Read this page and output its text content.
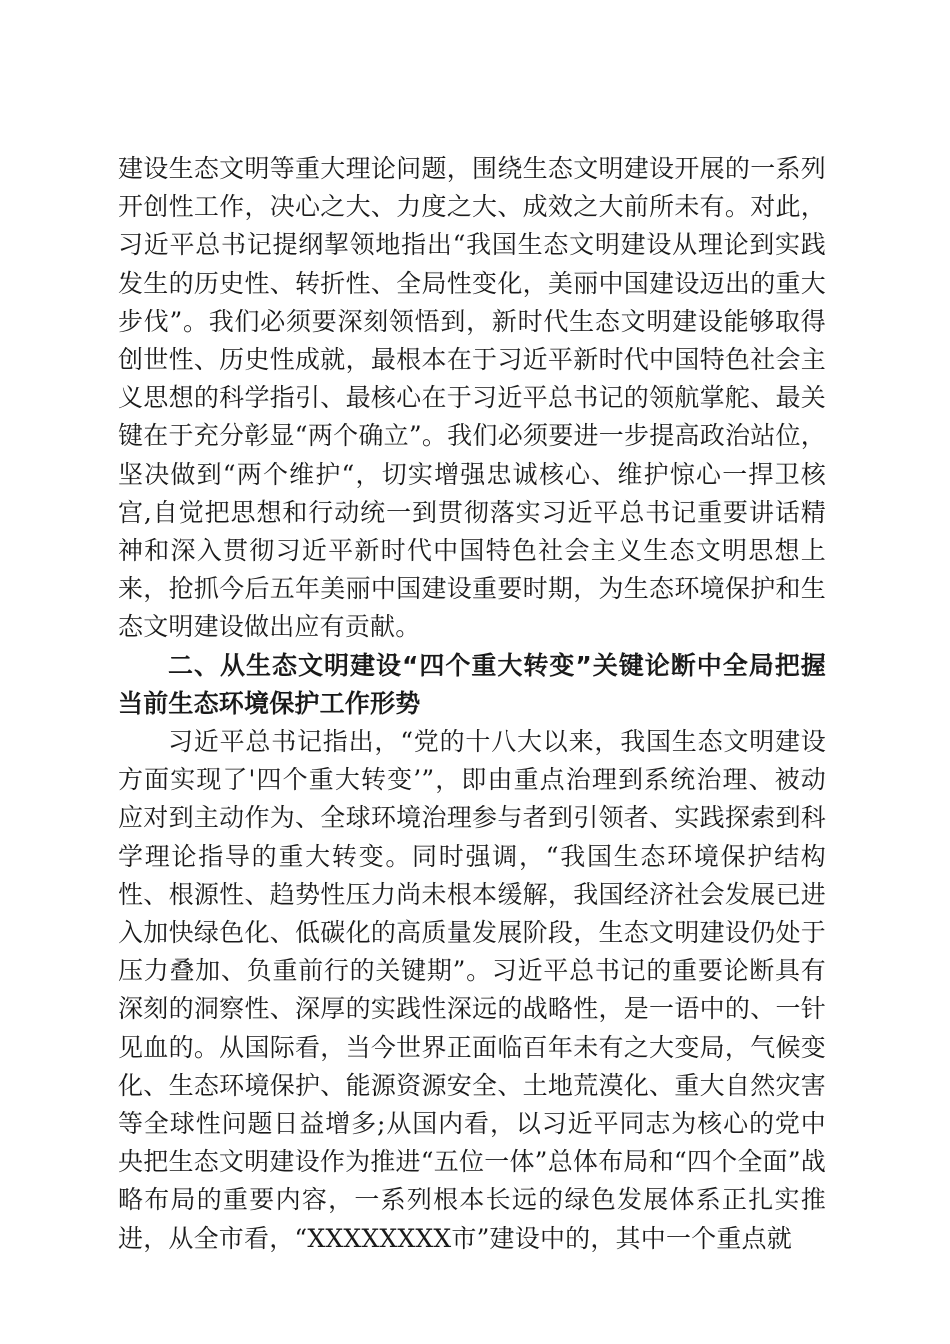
建设生态文明等重大理论问题，围绕生态文明建设开展的一系列开创性工作，决心之大、力度之大、成效之大前所未有。对此，习近平总书记提纲挈领地指出“我国生态文明建设从理论到实践发生的历史性、转折性、全局性变化，美丽中国建设迈出的重大步伐”。我们必须要深刻领悟到，新时代生态文明建设能够取得创世性、历史性成就，最根本在于习近平新时代中国特色社会主义思想的科学指引、最核心在于习近平总书记的领航掌舵、最关键在于充分彰显“两个确立”。我们必须要进一步提高政治站位，坚决做到“两个维护“，切实增强忠诚核心、维护惊心一捍卫核宫,自觉把思想和行动统一到贯彻落实习近平总书记重要讲话精神和深入贯彻习近平新时代中国特色社会主义生态文明思想上来，抢抓今后五年美丽中国建设重要时期，为生态环境保护和生态文明建设做出应有贡献。

二、从生态文明建设“四个重大转变”关键论断中全局把握当前生态环境保护工作形势

习近平总书记指出，“党的十八大以来，我国生态文明建设方面实现了'四个重大转变’”，即由重点治理到系统治理、被动应对到主动作为、全球环境治理参与者到引领者、实践探索到科学理论指导的重大转变。同时强调，“我国生态环境保护结构性、根源性、趋势性压力尚未根本缓解，我国经济社会发展已进入加快绿色化、低碳化的高质量发展阶段，生态文明建设仍处于压力叠加、负重前行的关键期”。习近平总书记的重要论断具有深刻的洞察性、深厚的实践性深远的战略性，是一语中的、一针见血的。从国际看，当今世界正面临百年未有之大变局，气候变化、生态环境保护、能源资源安全、土地荒漠化、重大自然灾害等全球性问题日益增多;从国内看，以习近平同志为核心的党中央把生态文明建设作为推进“五位一体”总体布局和“四个全面”战略布局的重要内容，一系列根本长远的绿色发展体系正扎实推进，从全市看，“XXXXXXXX市”建设中的，其中一个重点就
